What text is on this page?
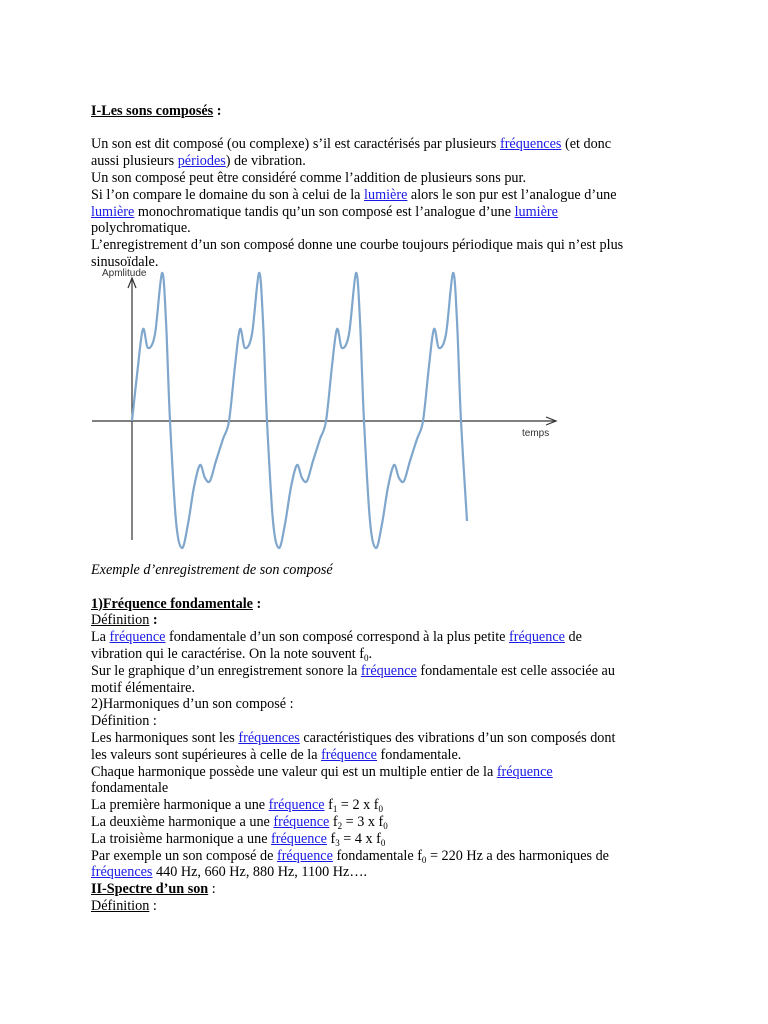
I-Les sons composés :
Un son est dit composé (ou complexe) s’il est caractérisés par plusieurs fréquences (et donc
aussi plusieurs périodes) de vibration.
Un son composé peut être considéré comme l’addition de plusieurs sons pur.
Si l’on compare le domaine du son à celui de la lumière alors le son pur est l’analogue d’une
lumière monochromatique tandis qu’un son composé est l’analogue d’une lumière
polychromatique.
L’enregistrement d’un son composé donne une courbe toujours périodique mais qui n’est plus
sinusoïdale.
Apmlitude
temps
Exemple d’enregistrement de son composé
1)Fréquence fondamentale :
Définition :
La fréquence fondamentale d’un son composé correspond à la plus petite fréquence de
vibration qui le caractérise. On la note souvent $f_0$.
Sur le graphique d’un enregistrement sonore la fréquence fondamentale est celle associée au
motif élémentaire.
2)Harmoniques d’un son composé :
Définition :
Les harmoniques sont les fréquences caractéristiques des vibrations d’un son composés dont
les valeurs sont supérieures à celle de la fréquence fondamentale.
Chaque harmonique possède une valeur qui est un multiple entier de la fréquence
fondamentale
La première harmonique a une fréquence $f_1 = 2$ x $f_0$
La deuxième harmonique a une fréquence $f_2 = 3$ x $f_0$
La troisième harmonique a une fréquence $f_3 = 4$ x $f_0$
Par exemple un son composé de fréquence fondamentale $f_0 = 220$ Hz a des harmoniques de
fréquences 440 Hz, 660 Hz, 880 Hz, 1100 Hz….
II-Spectre d’un son :
Définition :
